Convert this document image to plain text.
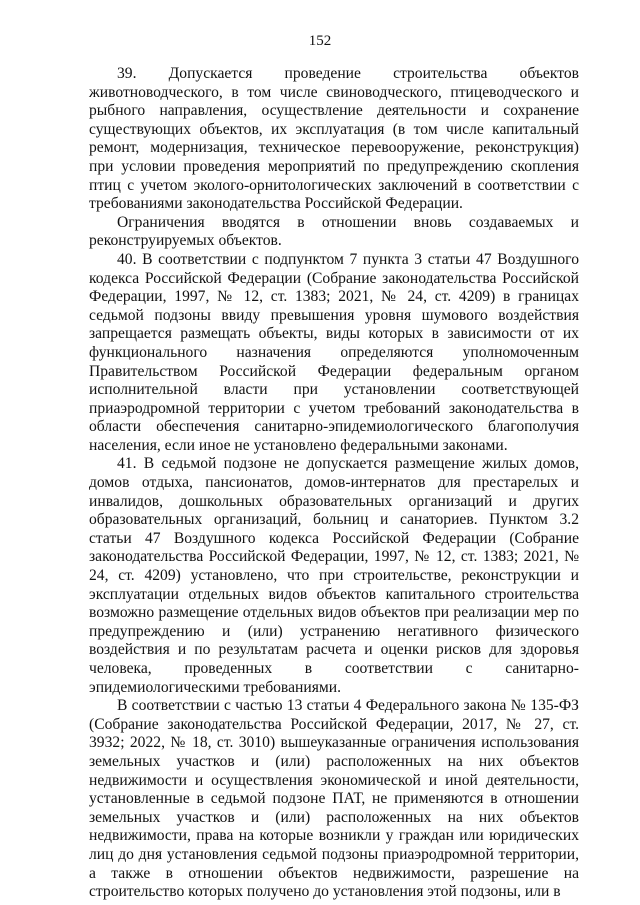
152

39. Допускается проведение строительства объектов животноводческого, в том числе свиноводческого, птицеводческого и рыбного направления, осуществление деятельности и сохранение существующих объектов, их эксплуатация (в том числе капитальный ремонт, модернизация, техническое перевооружение, реконструкция) при условии проведения мероприятий по предупреждению скопления птиц с учетом эколого-орнитологических заключений в соответствии с требованиями законодательства Российской Федерации.

Ограничения вводятся в отношении вновь создаваемых и реконструируемых объектов.

40. В соответствии с подпунктом 7 пункта 3 статьи 47 Воздушного кодекса Российской Федерации (Собрание законодательства Российской Федерации, 1997, № 12, ст. 1383; 2021, № 24, ст. 4209) в границах седьмой подзоны ввиду превышения уровня шумового воздействия запрещается размещать объекты, виды которых в зависимости от их функционального назначения определяются уполномоченным Правительством Российской Федерации федеральным органом исполнительной власти при установлении соответствующей приаэродромной территории с учетом требований законодательства в области обеспечения санитарно-эпидемиологического благополучия населения, если иное не установлено федеральными законами.

41. В седьмой подзоне не допускается размещение жилых домов, домов отдыха, пансионатов, домов-интернатов для престарелых и инвалидов, дошкольных образовательных организаций и других образовательных организаций, больниц и санаториев. Пунктом 3.2 статьи 47 Воздушного кодекса Российской Федерации (Собрание законодательства Российской Федерации, 1997, № 12, ст. 1383; 2021, № 24, ст. 4209) установлено, что при строительстве, реконструкции и эксплуатации отдельных видов объектов капитального строительства возможно размещение отдельных видов объектов при реализации мер по предупреждению и (или) устранению негативного физического воздействия и по результатам расчета и оценки рисков для здоровья человека, проведенных в соответствии с санитарно-эпидемиологическими требованиями.

В соответствии с частью 13 статьи 4 Федерального закона № 135-ФЗ (Собрание законодательства Российской Федерации, 2017, № 27, ст. 3932; 2022, № 18, ст. 3010) вышеуказанные ограничения использования земельных участков и (или) расположенных на них объектов недвижимости и осуществления экономической и иной деятельности, установленные в седьмой подзоне ПАТ, не применяются в отношении земельных участков и (или) расположенных на них объектов недвижимости, права на которые возникли у граждан или юридических лиц до дня установления седьмой подзоны приаэродромной территории, а также в отношении объектов недвижимости, разрешение на строительство которых получено до установления этой подзоны, или в
